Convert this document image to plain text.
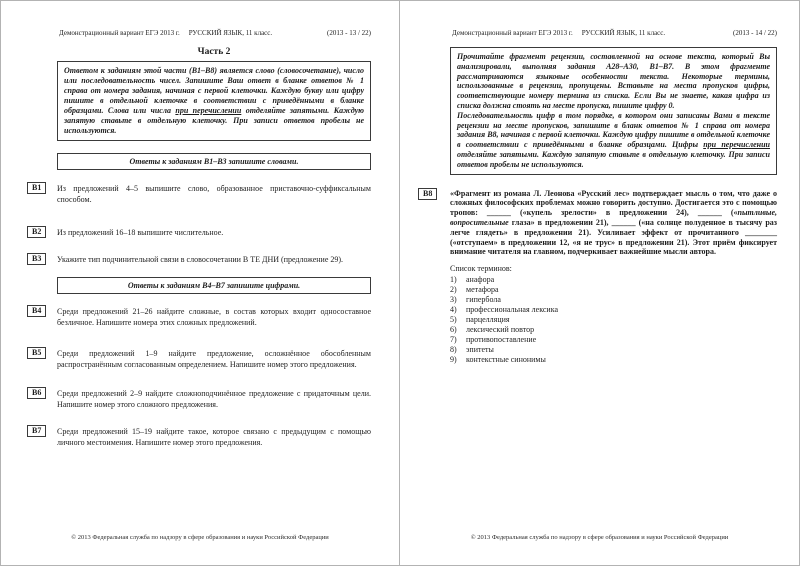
Демонстрационный вариант ЕГЭ 2013 г. РУССКИЙ ЯЗЫК, 11 класс.	(2013 - 13 / 22)
Часть 2

Ответом к заданиям этой части (В1–В8) является слово (словосочетание), число или последовательность чисел. Запишите Ваш ответ в бланке ответов № 1 справа от номера задания, начиная с первой клеточки. Каждую букву или цифру пишите в отдельной клеточке в соответствии с приведёнными в бланке образцами. Слова или числа при перечислении отделяйте запятыми. Каждую запятую ставьте в отдельную клеточку. При записи ответов пробелы не используются.

Ответы к заданиям В1–В3 запишите словами.
В1	Из предложений 4–5 выпишите слово, образованное приставочно-суффиксальным способом.

В2	Из предложений 16–18 выпишите числительное.

В3	Укажите тип подчинительной связи в словосочетании В ТЕ ДНИ (предложение 29).

Ответы к заданиям В4–В7 запишите цифрами.
В4	Среди предложений 21–26 найдите сложные, в состав которых входит односоставное безличное. Напишите номера этих сложных предложений.

В5	Среди предложений 1–9 найдите предложение, осложнённое обособленным распространённым согласованным определением. Напишите номер этого предложения.

В6	Среди предложений 2–9 найдите сложноподчинённое предложение с придаточным цели. Напишите номер этого сложного предложения.

В7	Среди предложений 15–19 найдите такое, которое связано с предыдущим с помощью личного местоимения. Напишите номер этого предложения.

© 2013 Федеральная служба по надзору в сфере образования и науки Российской Федерации
Демонстрационный вариант ЕГЭ 2013 г. РУССКИЙ ЯЗЫК, 11 класс.	(2013 - 14 / 22)

Прочитайте фрагмент рецензии, составленной на основе текста, который Вы анализировали, выполняя задания А28–А30, В1–В7. В этом фрагменте рассматриваются языковые особенности текста. Некоторые термины, использованные в рецензии, пропущены. Вставьте на места пропусков цифры, соответствующие номеру термина из списка. Если Вы не знаете, какая цифра из списка должна стоять на месте пропуска, пишите цифру 0.

Последовательность цифр в том порядке, в котором они записаны Вами в тексте рецензии на месте пропусков, запишите в бланк ответов № 1 справа от номера задания В8, начиная с первой клеточки. Каждую цифру пишите в отдельной клеточке в соответствии с приведёнными в бланке образцами. Цифры при перечислении отделяйте запятыми. Каждую запятую ставьте в отдельную клеточку. При записи ответов пробелы не используются.

В8	«Фрагмент из романа Л. Леонова «Русский лес» подтверждает мысль о том, что даже о сложных философских проблемах можно говорить доступно. Достигается это с помощью тропов: ______ («купель зрелости» в предложении 24), ______ («пытливые, вопросительные глаза» в предложении 21), ______ («на солнце полуденное в тысячу раз легче глядеть» в предложении 21). Усиливает эффект от прочитанного ________ («отступаем» в предложении 12, «я не трус» в предложении 21). Этот приём фиксирует внимание читателя на главном, подчеркивает важнейшие мысли автора.

Список терминов:

1)	анафора
2)	метафора
3)	гипербола
4)	профессиональная лексика
5)	парцелляция
6)	лексический повтор
7)	противопоставление
8)	эпитеты
9)	контекстные синонимы
© 2013 Федеральная служба по надзору в сфере образования и науки Российской Федерации
